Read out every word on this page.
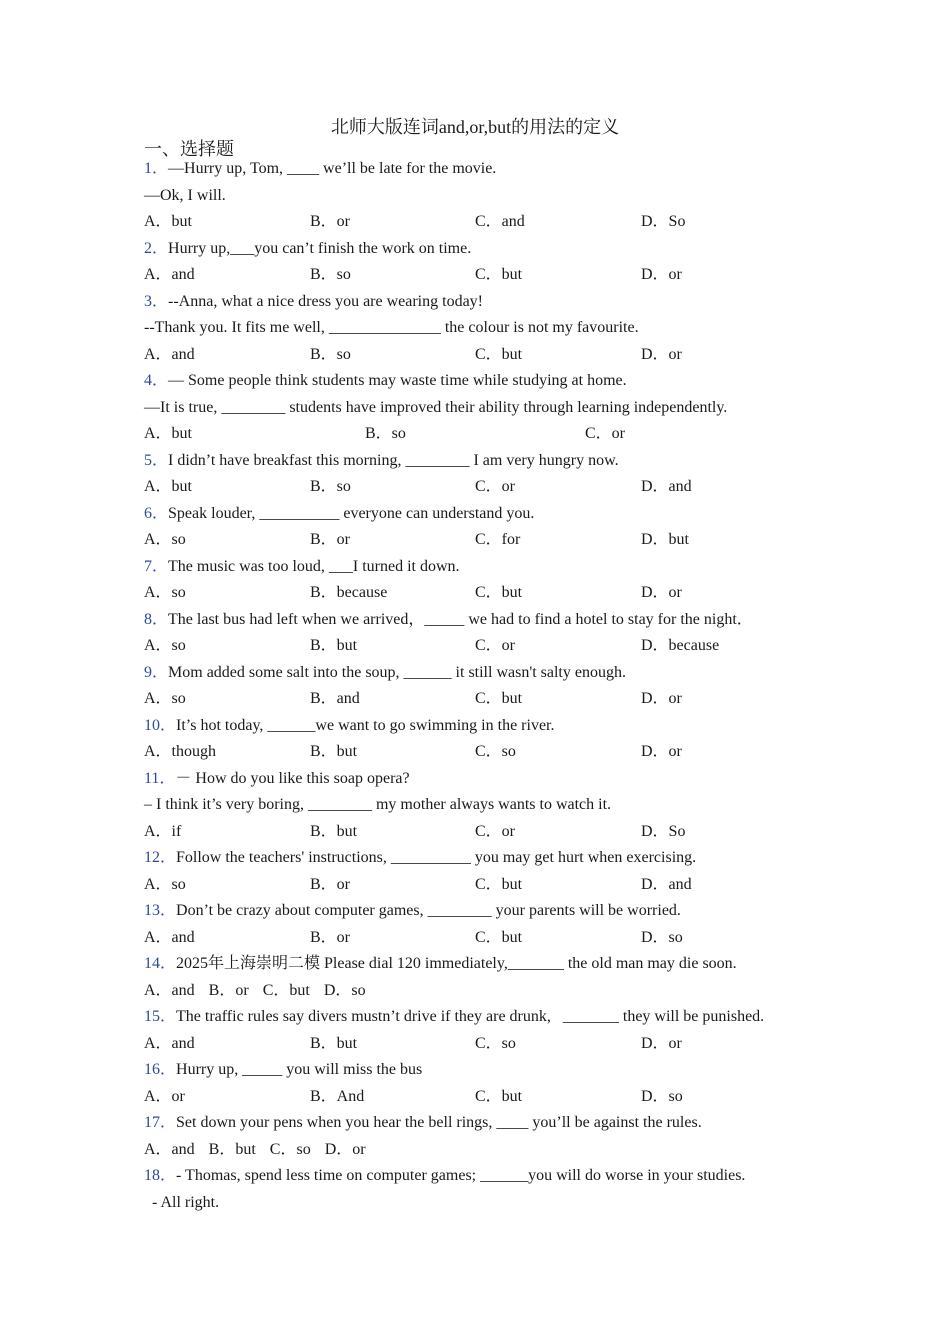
北师大版连词and,or,but的用法的定义
一、选择题
1．—Hurry up, Tom, ____ we’ll be late for the movie.
—Ok, I will.
A．but	B．or	C．and	D．So
2．Hurry up,___you can’t finish the work on time.
A．and	B．so	C．but	D．or
3．--Anna, what a nice dress you are wearing today!
--Thank you. It fits me well, ______________ the colour is not my favourite.
A．and	B．so	C．but	D．or
4．— Some people think students may waste time while studying at home.
—It is true, ________ students have improved their ability through learning independently.
A．but	B．so	C．or
5．I didn’t have breakfast this morning, ________ I am very hungry now.
A．but	B．so	C．or	D．and
6．Speak louder, __________ everyone can understand you.
A．so	B．or	C．for	D．but
7．The music was too loud, ___I turned it down.
A．so	B．because	C．but	D．or
8．The last bus had left when we arrived，_____ we had to find a hotel to stay for the night．
A．so	B．but	C．or	D．because
9．Mom added some salt into the soup, ______ it still wasn't salty enough.
A．so	B．and	C．but	D．or
10．It’s hot today, ______we want to go swimming in the river.
A．though	B．but	C．so	D．or
11．－ How do you like this soap opera?
– I think it’s very boring, ________ my mother always wants to watch it.
A．if	B．but	C．or	D．So
12．Follow the teachers' instructions, __________ you may get hurt when exercising.
A．so	B．or	C．but	D．and
13．Don’t be crazy about computer games, ________ your parents will be worried.
A．and	B．or	C．but	D．so
14．2025年上海崇明二模 Please dial 120 immediately,_______ the old man may die soon.
A．and B．or C．but D．so
15．The traffic rules say divers mustn’t drive if they are drunk,   _______ they will be punished.
A．and	B．but	C．so	D．or
16．Hurry up, _____ you will miss the bus
A．or	B．And	C．but	D．so
17．Set down your pens when you hear the bell rings, ____ you’ll be against the rules.
A．and B．but C．so D．or
18．- Thomas, spend less time on computer games; ______you will do worse in your studies.
- All right.
